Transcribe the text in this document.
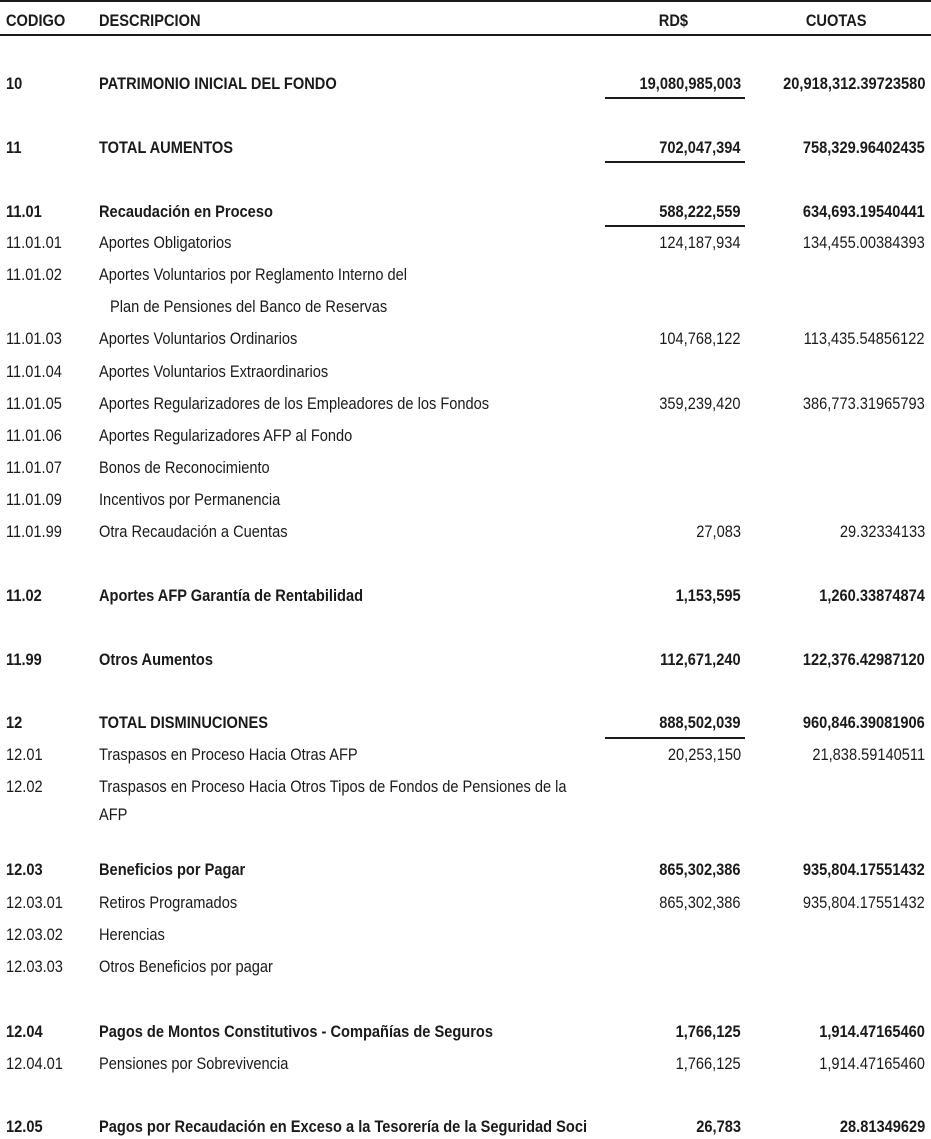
CODIGO DESCRIPCION	RD$	CUOTAS
10	PATRIMONIO INICIAL DEL FONDO	19,080,985,003 20,918,312.39723580
11	TOTAL AUMENTOS	702,047,394	758,329.96402435
11.01	Recaudación en Proceso	588,222,559	634,693.19540441
11.01.01 Aportes Obligatorios	124,187,934	134,455.00384393
11.01.02 Aportes Voluntarios por Reglamento Interno del
Plan de Pensiones del Banco de Reservas
11.01.03 Aportes Voluntarios Ordinarios	104,768,122	113,435.54856122
11.01.04 Aportes Voluntarios Extraordinarios
11.01.05 Aportes Regularizadores de los Empleadores de los Fondos	359,239,420	386,773.31965793
11.01.06 Aportes Regularizadores AFP al Fondo
11.01.07 Bonos de Reconocimiento
11.01.09 Incentivos por Permanencia
11.01.99 Otra Recaudación a Cuentas	27,083	29.32334133
11.02	Aportes AFP Garantía de Rentabilidad	1,153,595	1,260.33874874
11.99	Otros Aumentos	112,671,240	122,376.42987120
12	TOTAL DISMINUCIONES	888,502,039	960,846.39081906
12.01	Traspasos en Proceso Hacia Otras AFP	20,253,150	21,838.59140511
12.02	Traspasos en Proceso Hacia Otros Tipos de Fondos de Pensiones de la
AFP
12.03	Beneficios por Pagar	865,302,386	935,804.17551432
12.03.01 Retiros Programados	865,302,386	935,804.17551432
12.03.02 Herencias
12.03.03 Otros Beneficios por pagar
12.04	Pagos de Montos Constitutivos - Compañías de Seguros	1,766,125	1,914.47165460
12.04.01 Pensiones por Sobrevivencia	1,766,125	1,914.47165460
12.05	Pagos por Recaudación en Exceso a la Tesorería de la Seguridad Soci	26,783	28.81349629
